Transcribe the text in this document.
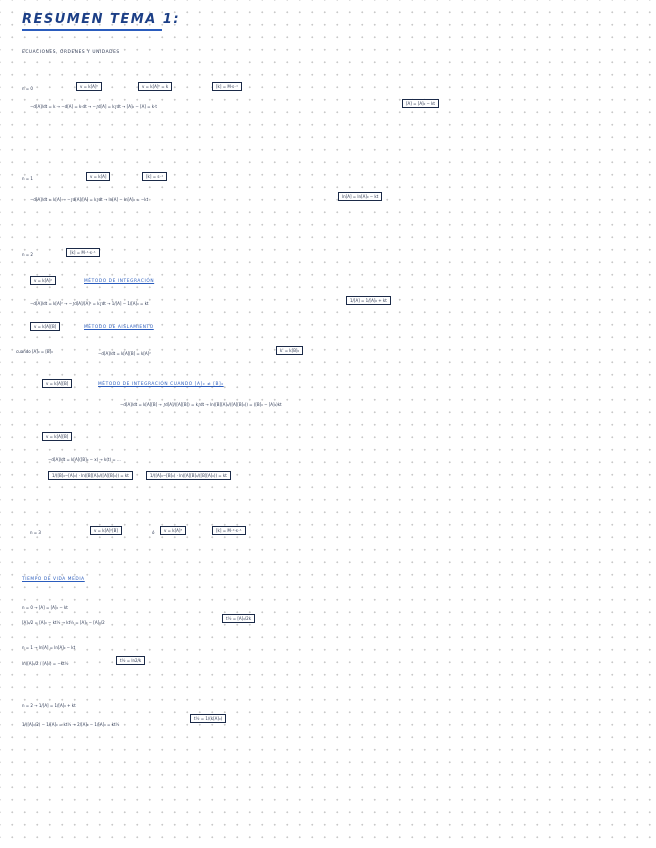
RESUMEN TEMA 1:
ECUACIONES, ORDENES Y UNIDADES
n = 0	v = k[A]⁰	v = k[A]⁰ = k	[k] = M·s⁻¹
−d[A]/dt = k → −d[A] = k·dt → −∫d[A] = k∫dt → [A]₀ − [A] = k·t
[A] = [A]₀ − kt
n = 1	v = k[A]	[k] = s⁻¹
−d[A]/dt = k[A] → −∫d[A]/[A] = k∫dt → ln[A] − ln[A]₀ = −kt
ln[A] = ln[A]₀ − kt
n = 2	[k] = M⁻¹·s⁻¹
v = k[A]²	MÉTODO DE INTEGRACIÓN
−d[A]/dt = k[A]² → −∫d[A]/[A]² = k∫dt → 1/[A] − 1/[A]₀ = kt
1/[A] = 1/[A]₀ + kt
v = k[A][B]	MÉTODO DE AISLAMIENTO
cuando [A]₀ = [B]₀	−d[A]/dt = k[A][B] = k[A]²
k' = k[B]₀
v = k[A][B]	MÉTODO DE INTEGRACIÓN CUANDO [A]₀ ≠ [B]₀
−d[A]/dt = k[A][B] → ∫d[A]/([A][B]) = k∫dt → ln([B][A]₀/([A][B]₀)) = ([B]₀ − [A]₀)kt
v = k[A][B]
−d[A]/dt = k[A]([B]₀ − x) → k(t) = ...
1/([B]₀−[A]₀) · ln([B][A]₀/([A][B]₀)) = kt	1/([A]₀−[B]₀) · ln([A][B]₀/([B][A]₀)) = kt
n = 3	v = k[A]²[B]	ó	v = k[A]³	[k] = M⁻²·s⁻¹
TIEMPO DE VIDA MEDIA
n = 0 → [A] = [A]₀ − kt
[A]₀/2 = [A]₀ − kt½ → kt½ = [A]₀ − [A]₀/2
t½ = [A]₀/2k
n = 1 → ln[A] = ln[A]₀ − kt
ln([A]₀/2 / [A]₀) = −kt½
t½ = ln2/k
n = 2 → 1/[A] = 1/[A]₀ + kt
1/([A]₀/2) − 1/[A]₀ = kt½ → 2/[A]₀ − 1/[A]₀ = kt½
t½ = 1/(k[A]₀)
